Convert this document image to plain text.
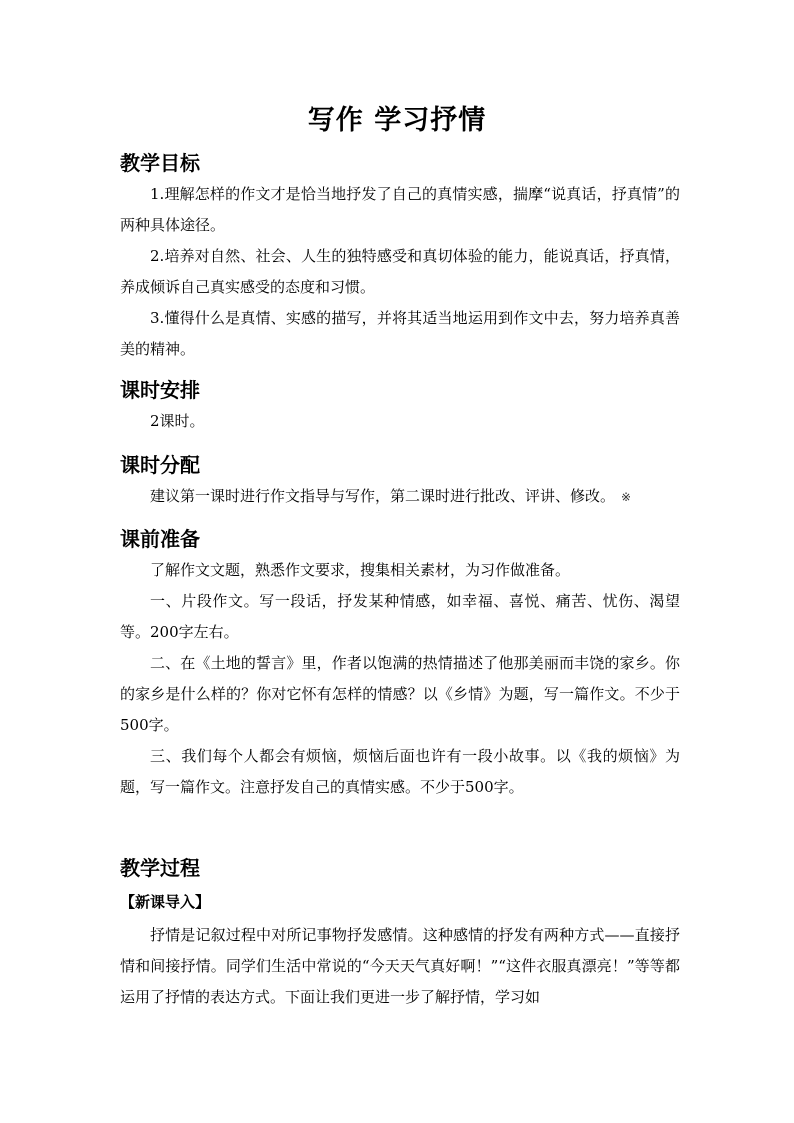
写作 学习抒情
教学目标
1.理解怎样的作文才是恰当地抒发了自己的真情实感，揣摩“说真话，抒真情”的两种具体途径。
2.培养对自然、社会、人生的独特感受和真切体验的能力，能说真话，抒真情，养成倾诉自己真实感受的态度和习惯。
3.懂得什么是真情、实感的描写，并将其适当地运用到作文中去，努力培养真善美的精神。
课时安排
2课时。
课时分配
建议第一课时进行作文指导与写作，第二课时进行批改、评讲、修改。 ※
课前准备
了解作文文题，熟悉作文要求，搜集相关素材，为习作做准备。
一、片段作文。写一段话，抒发某种情感，如幸福、喜悦、痛苦、忧伤、渴望等。200字左右。
二、在《土地的誓言》里，作者以饱满的热情描述了他那美丽而丰饶的家乡。你的家乡是什么样的？你对它怀有怎样的情感？以《乡情》为题，写一篇作文。不少于500字。
三、我们每个人都会有烦恼，烦恼后面也许有一段小故事。以《我的烦恼》为题，写一篇作文。注意抒发自己的真情实感。不少于500字。
教学过程
【新课导入】
抒情是记叙过程中对所记事物抒发感情。这种感情的抒发有两种方式——直接抒情和间接抒情。同学们生活中常说的“今天天气真好啊！”“这件衣服真漂亮！”等等都运用了抒情的表达方式。下面让我们更进一步了解抒情，学习如
